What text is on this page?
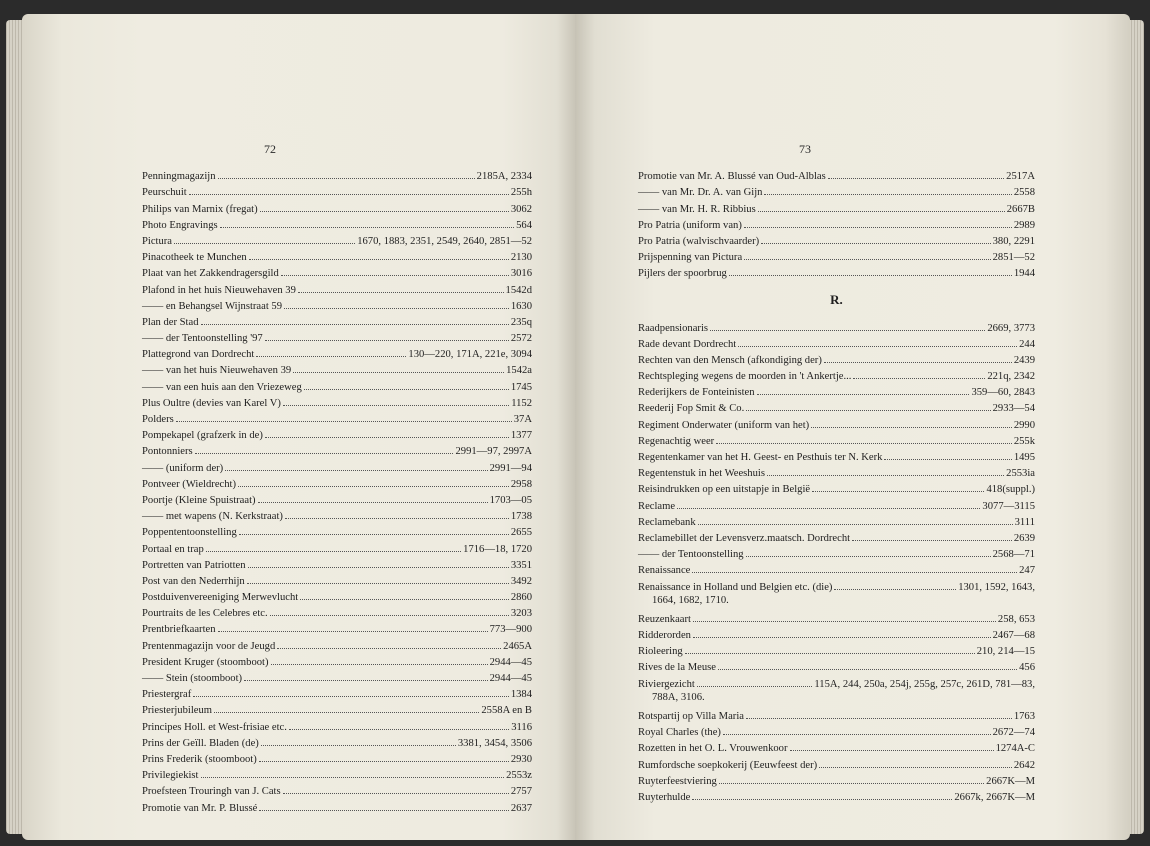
72
Penningmagazijn	2185A, 2334
Peurschuit	255h
Philips van Marnix (fregat)	3062
Photo Engravings	564
Pictura	1670, 1883, 2351, 2549, 2640, 2851—52
Pinacotheek te Munchen	2130
Plaat van het Zakkendragersgild	3016
Plafond in het huis Nieuwehaven 39	1542d
—— en Behangsel Wijnstraat 59	1630
Plan der Stad	235q
—— der Tentoonstelling '97	2572
Plattegrond van Dordrecht	130—220, 171A, 221e, 3094
—— van het huis Nieuwehaven 39	1542a
—— van een huis aan den Vriezeweg	1745
Plus Oultre (devies van Karel V)	1152
Polders	37A
Pompekapel (grafzerk in de)	1377
Pontonniers	2991—97, 2997A
—— (uniform der)	2991—94
Pontveer (Wieldrecht)	2958
Poortje (Kleine Spuistraat)	1703—05
—— met wapens (N. Kerkstraat)	1738
Poppententoonstelling	2655
Portaal en trap	1716—18, 1720
Portretten van Patriotten	3351
Post van den Nederrhijn	3492
Postduivenvereeniging Merwevlucht	2860
Pourtraits de les Celebres etc.	3203
Prentbriefkaarten	773—900
Prentenmagazijn voor de Jeugd	2465A
President Kruger (stoomboot)	2944—45
—— Stein (stoomboot)	2944—45
Priestergraf	1384
Priesterjubileum	2558A en B
Principes Holl. et West-frisiae etc.	3116
Prins der Geïll. Bladen (de)	3381, 3454, 3506
Prins Frederik (stoomboot)	2930
Privilegiekist	2553z
Proefsteen Trouringh van J. Cats	2757
Promotie van Mr. P. Blussé	2637
73
Promotie van Mr. A. Blussé van Oud-Alblas	2517A
—— van Mr. Dr. A. van Gijn	2558
—— van Mr. H. R. Ribbius	2667B
Pro Patria (uniform van)	2989
Pro Patria (walvischvaarder)	380, 2291
Prijspenning van Pictura	2851—52
Pijlers der spoorbrug	1944
R.
Raadpensionaris	2669, 3773
Rade devant Dordrecht	244
Rechten van den Mensch (afkondiging der)	2439
Rechtspleging wegens de moorden in 't Ankertje...	221q, 2342
Rederijkers de Fonteinisten	359—60, 2843
Reederij Fop Smit & Co.	2933—54
Regiment Onderwater (uniform van het)	2990
Regenachtig weer	255k
Regentenkamer van het H. Geest- en Pesthuis ter N. Kerk	1495
Regentenstuk in het Weeshuis	2553ia
Reisindrukken op een uitstapje in België	418(suppl.)
Reclame	3077—3115
Reclamebank	3111
Reclamebillet der Levensverz.maatsch. Dordrecht	2639
—— der Tentoonstelling	2568—71
Renaissance	247
Renaissance in Holland und Belgien etc. (die)	1301, 1592, 1643,
1664, 1682, 1710.
Reuzenkaart	258, 653
Ridderorden	2467—68
Rioleering	210, 214—15
Rives de la Meuse	456
Riviergezicht	115A, 244, 250a, 254j, 255g, 257c, 261D, 781—83,
788A, 3106.
Rotspartij op Villa Maria	1763
Royal Charles (the)	2672—74
Rozetten in het O. L. Vrouwenkoor	1274A-C
Rumfordsche soepkokerij (Eeuwfeest der)	2642
Ruyterfeestviering	2667K—M
Ruyterhulde	2667k, 2667K—M
